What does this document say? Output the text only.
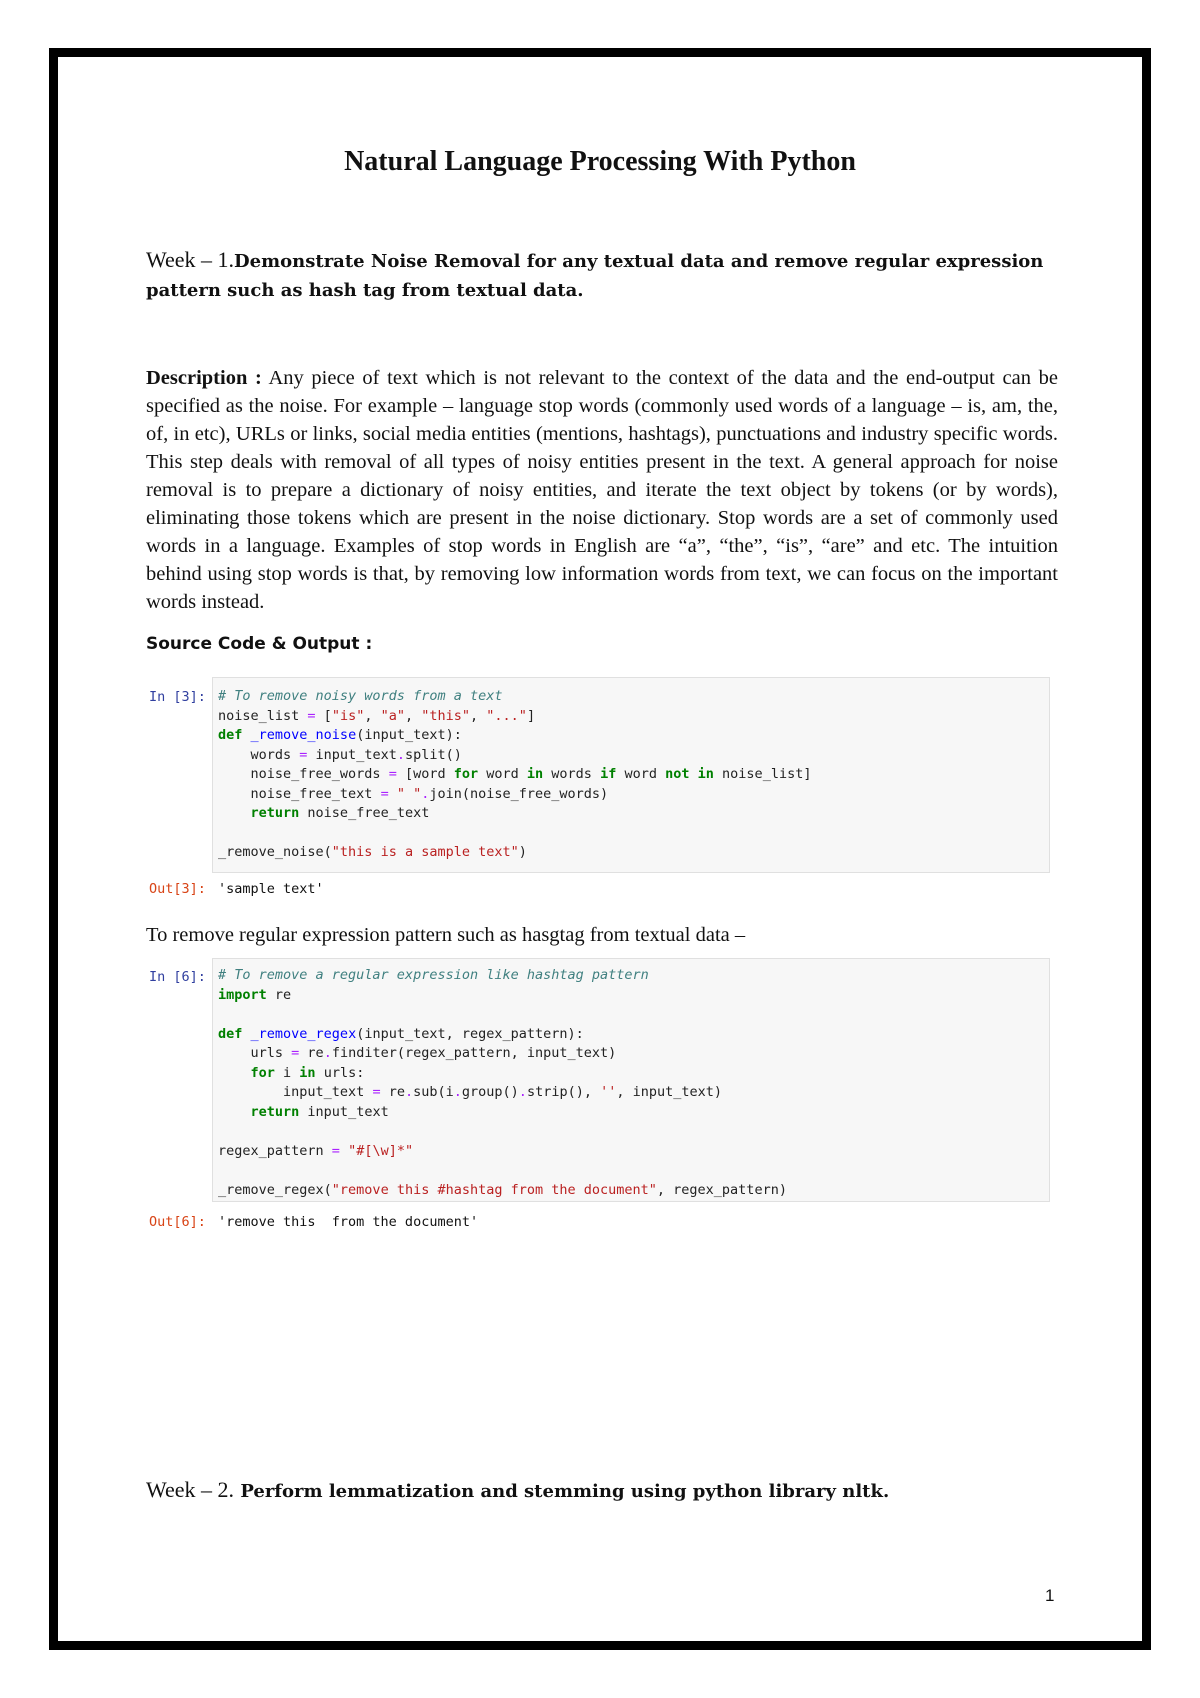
Natural Language Processing With Python
Week – 1.Demonstrate Noise Removal for any textual data and remove regular expression
pattern such as hash tag from textual data.
Description : Any piece of text which is not relevant to the context of the data and the end-output can be specified as the noise. For example – language stop words (commonly used words of a language – is, am, the, of, in etc), URLs or links, social media entities (mentions, hashtags), punctuations and industry specific words. This step deals with removal of all types of noisy entities present in the text. A general approach for noise removal is to prepare a dictionary of noisy entities, and iterate the text object by tokens (or by words), eliminating those tokens which are present in the noise dictionary. Stop words are a set of commonly used words in a language. Examples of stop words in English are “a”, “the”, “is”, “are” and etc. The intuition behind using stop words is that, by removing low information words from text, we can focus on the important words instead.
Source Code & Output :
In [3]: # To remove noisy words from a text
noise_list = ["is", "a", "this", "..."]
def _remove_noise(input_text):
words = input_text.split()
noise_free_words = [word for word in words if word not in noise_list]
noise_free_text = " ".join(noise_free_words)
return noise_free_text

_remove_noise("this is a sample text")
Out[3]: 'sample text'
To remove regular expression pattern such as hasgtag from textual data –
In [6]: # To remove a regular expression like hashtag pattern
import re

def _remove_regex(input_text, regex_pattern):
urls = re.finditer(regex_pattern, input_text)
for i in urls:
input_text = re.sub(i.group().strip(), '', input_text)
return input_text

regex_pattern = "#[\w]*"

_remove_regex("remove this #hashtag from the document", regex_pattern)
Out[6]: 'remove this  from the document'
Week – 2. Perform lemmatization and stemming using python library nltk.
1
